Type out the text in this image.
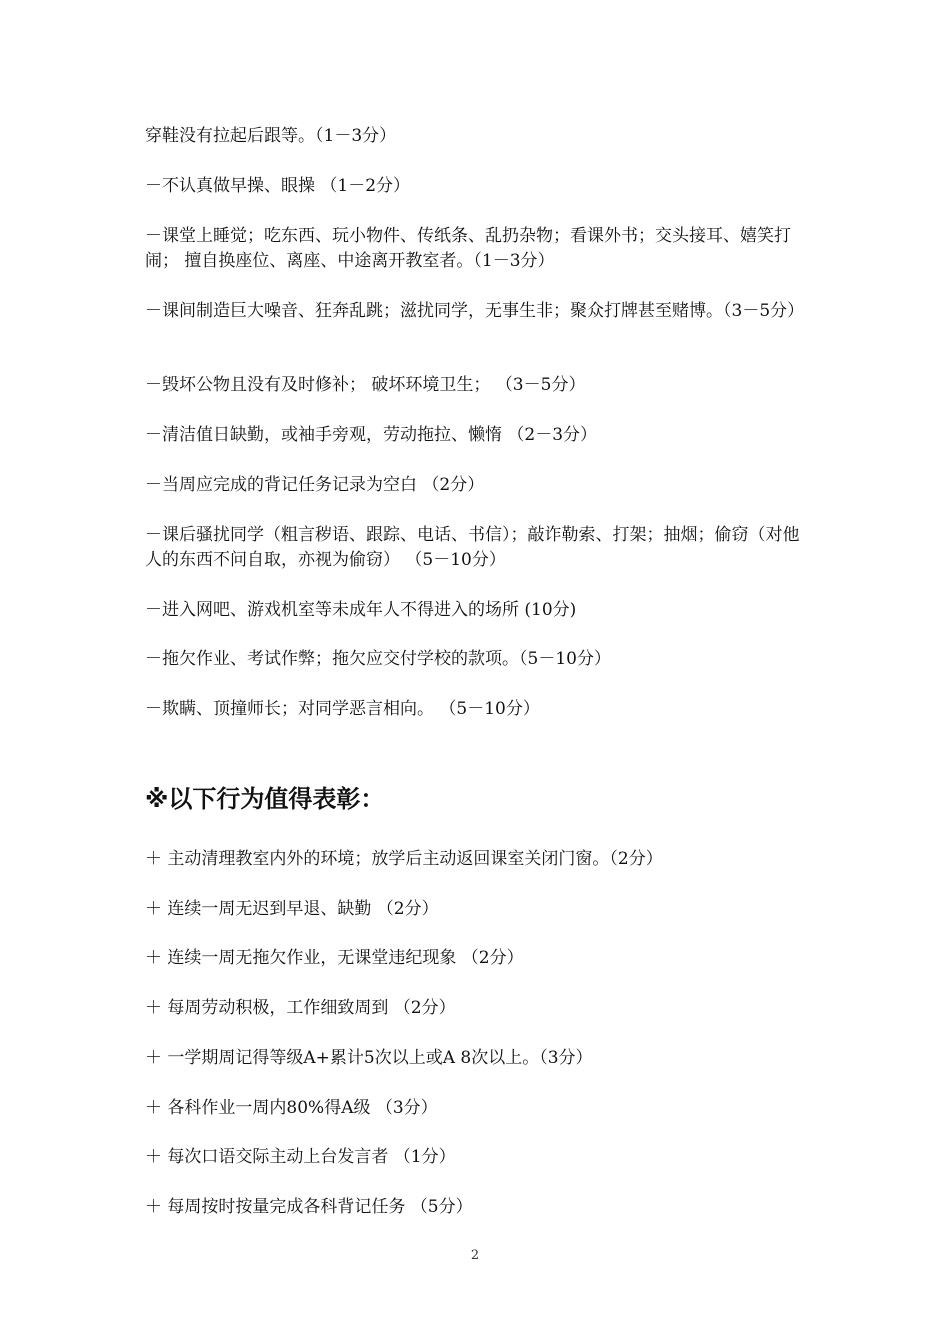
穿鞋没有拉起后跟等。（1－3分）
－不认真做早操、眼操 （1－2分）
－课堂上睡觉；吃东西、玩小物件、传纸条、乱扔杂物；看课外书；交头接耳、嬉笑打闹； 擅自换座位、离座、中途离开教室者。（1－3分）
－课间制造巨大噪音、狂奔乱跳；滋扰同学，无事生非；聚众打牌甚至赌博。（3－5分）
－毁坏公物且没有及时修补； 破坏环境卫生； （3－5分）
－清洁值日缺勤，或袖手旁观，劳动拖拉、懒惰 （2－3分）
－当周应完成的背记任务记录为空白 （2分）
－课后骚扰同学（粗言秽语、跟踪、电话、书信）；敲诈勒索、打架；抽烟；偷窃（对他人的东西不问自取，亦视为偷窃） （5－10分）
－进入网吧、游戏机室等未成年人不得进入的场所 (10分)
－拖欠作业、考试作弊；拖欠应交付学校的款项。（5－10分）
－欺瞒、顶撞师长；对同学恶言相向。 （5－10分）
※以下行为值得表彰：
＋ 主动清理教室内外的环境；放学后主动返回课室关闭门窗。（2分）
＋ 连续一周无迟到早退、缺勤 （2分）
＋ 连续一周无拖欠作业，无课堂违纪现象 （2分）
＋ 每周劳动积极，工作细致周到 （2分）
＋ 一学期周记得等级A+累计5次以上或A 8次以上。（3分）
＋ 各科作业一周内80%得A级 （3分）
＋ 每次口语交际主动上台发言者 （1分）
＋ 每周按时按量完成各科背记任务 （5分）
2
